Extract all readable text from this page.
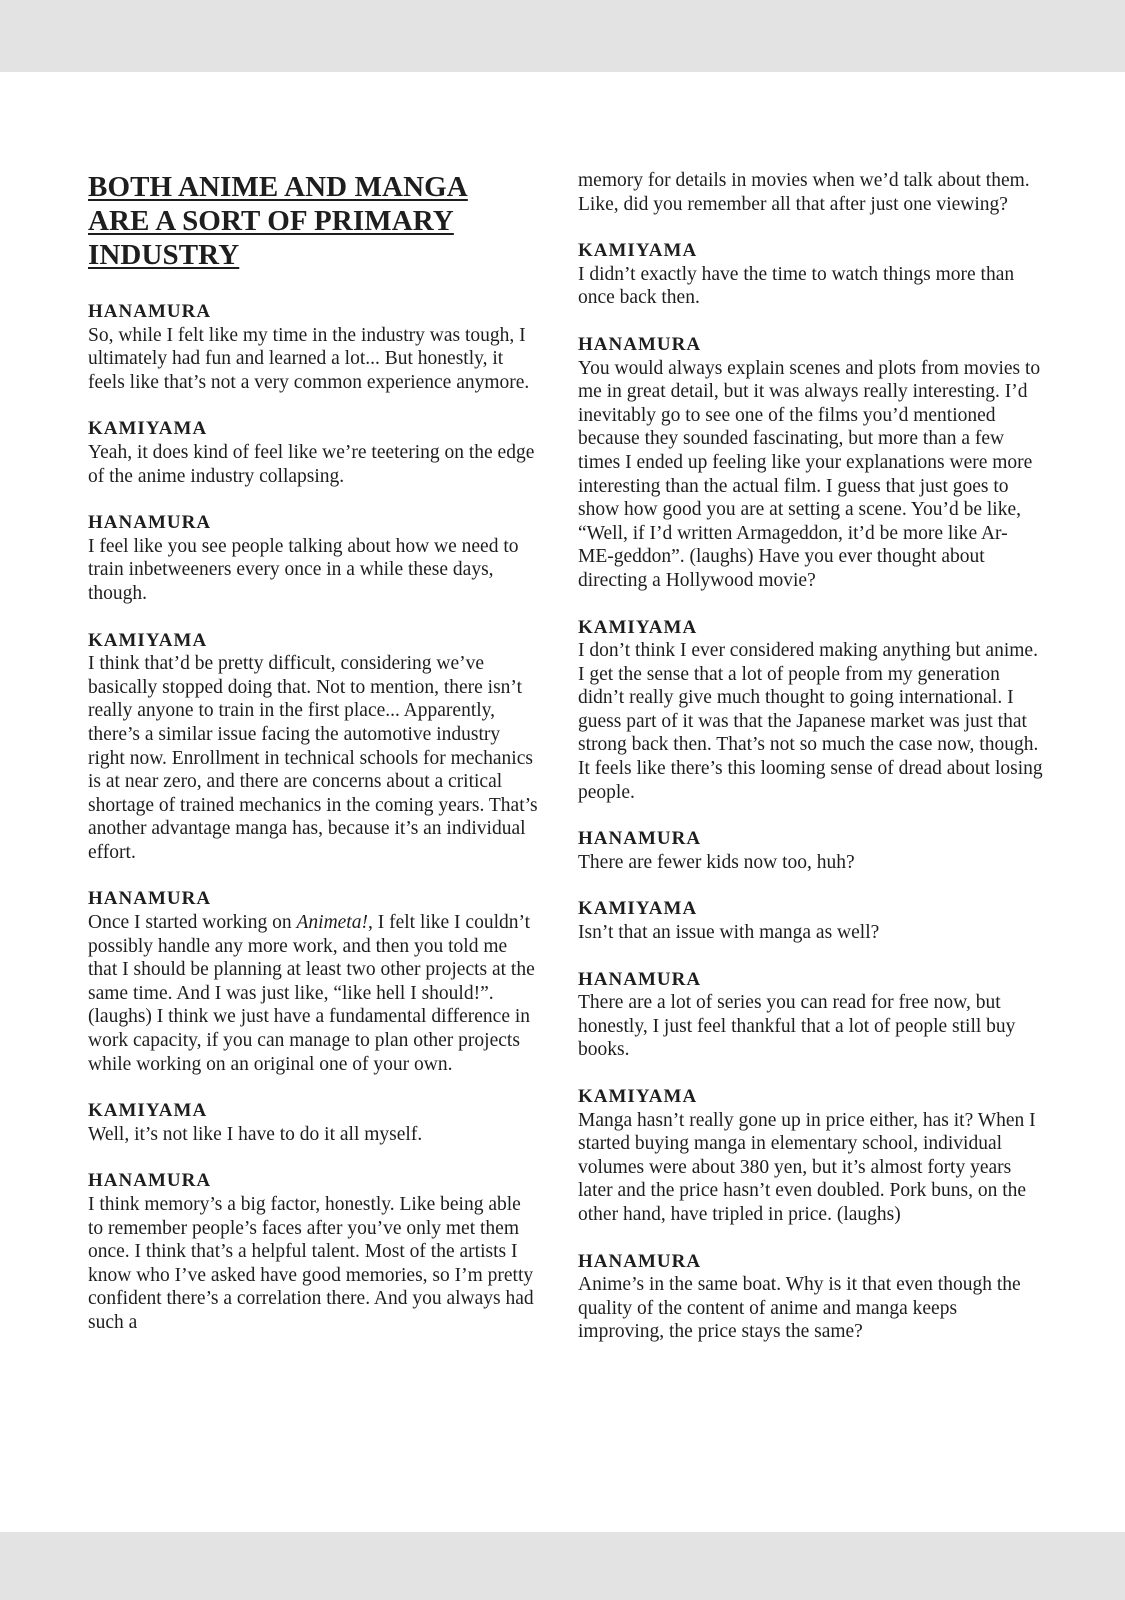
BOTH ANIME AND MANGA
ARE A SORT OF PRIMARY
INDUSTRY
HANAMURA

So, while I felt like my time in the industry was tough, I ultimately had fun and learned a lot... But honestly, it feels like that’s not a very common experience anymore.

KAMIYAMA

Yeah, it does kind of feel like we’re teetering on the edge of the anime industry collapsing.

HANAMURA

I feel like you see people talking about how we need to train inbetweeners every once in a while these days, though.

KAMIYAMA

I think that’d be pretty difficult, considering we’ve basically stopped doing that. Not to mention, there isn’t really anyone to train in the first place... Apparently, there’s a similar issue facing the automotive industry right now. Enrollment in technical schools for mechanics is at near zero, and there are concerns about a critical shortage of trained mechanics in the coming years. That’s another advantage manga has, because it’s an individual effort.

HANAMURA

Once I started working on Animeta!, I felt like I couldn’t possibly handle any more work, and then you told me that I should be planning at least two other projects at the same time. And I was just like, “like hell I should!”. (laughs) I think we just have a fundamental difference in work capacity, if you can manage to plan other projects while working on an original one of your own.

KAMIYAMA

Well, it’s not like I have to do it all myself.

HANAMURA

I think memory’s a big factor, honestly. Like being able to remember people’s faces after you’ve only met them once. I think that’s a helpful talent. Most of the artists I know who I’ve asked have good memories, so I’m pretty confident there’s a correlation there. And you always had such a

memory for details in movies when we’d talk about them. Like, did you remember all that after just one viewing?

KAMIYAMA

I didn’t exactly have the time to watch things more than once back then.

HANAMURA

You would always explain scenes and plots from movies to me in great detail, but it was always really interesting. I’d inevitably go to see one of the films you’d mentioned because they sounded fascinating, but more than a few times I ended up feeling like your explanations were more interesting than the actual film. I guess that just goes to show how good you are at setting a scene. You’d be like, “Well, if I’d written Armageddon, it’d be more like Ar-ME-geddon”. (laughs) Have you ever thought about directing a Hollywood movie?

KAMIYAMA

I don’t think I ever considered making anything but anime. I get the sense that a lot of people from my generation didn’t really give much thought to going international. I guess part of it was that the Japanese market was just that strong back then. That’s not so much the case now, though. It feels like there’s this looming sense of dread about losing people.

HANAMURA

There are fewer kids now too, huh?

KAMIYAMA

Isn’t that an issue with manga as well?

HANAMURA

There are a lot of series you can read for free now, but honestly, I just feel thankful that a lot of people still buy books.

KAMIYAMA

Manga hasn’t really gone up in price either, has it? When I started buying manga in elementary school, individual volumes were about 380 yen, but it’s almost forty years later and the price hasn’t even doubled. Pork buns, on the other hand, have tripled in price. (laughs)

HANAMURA

Anime’s in the same boat. Why is it that even though the quality of the content of anime and manga keeps improving, the price stays the same?
